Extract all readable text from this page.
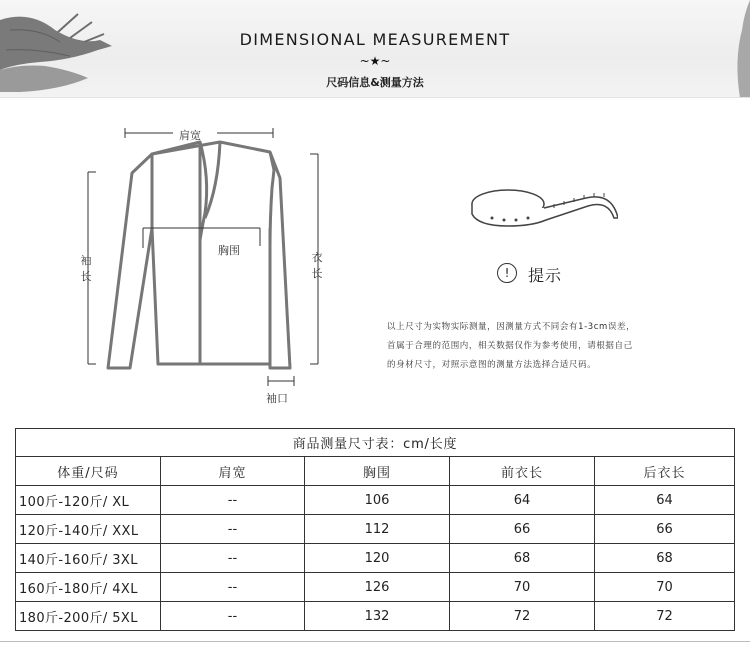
DIMENSIONAL MEASUREMENT
~★~
尺码信息&测量方法
肩宽
胸围
袖
长
衣
长
袖口
!	提示
以上尺寸为实物实际测量，因测量方式不同会有1-3cm误差，
首属于合理的范围内，相关数据仅作为参考使用，请根据自己
的身材尺寸，对照示意图的测量方法选择合适尺码。
商品测量尺寸表：cm/长度				
体重/尺码	肩宽	胸围	前衣长	后衣长
100斤-120斤/ XL	--	106	64	64
120斤-140斤/ XXL	--	112	66	66
140斤-160斤/ 3XL	--	120	68	68
160斤-180斤/ 4XL	--	126	70	70
180斤-200斤/ 5XL	--	132	72	72
